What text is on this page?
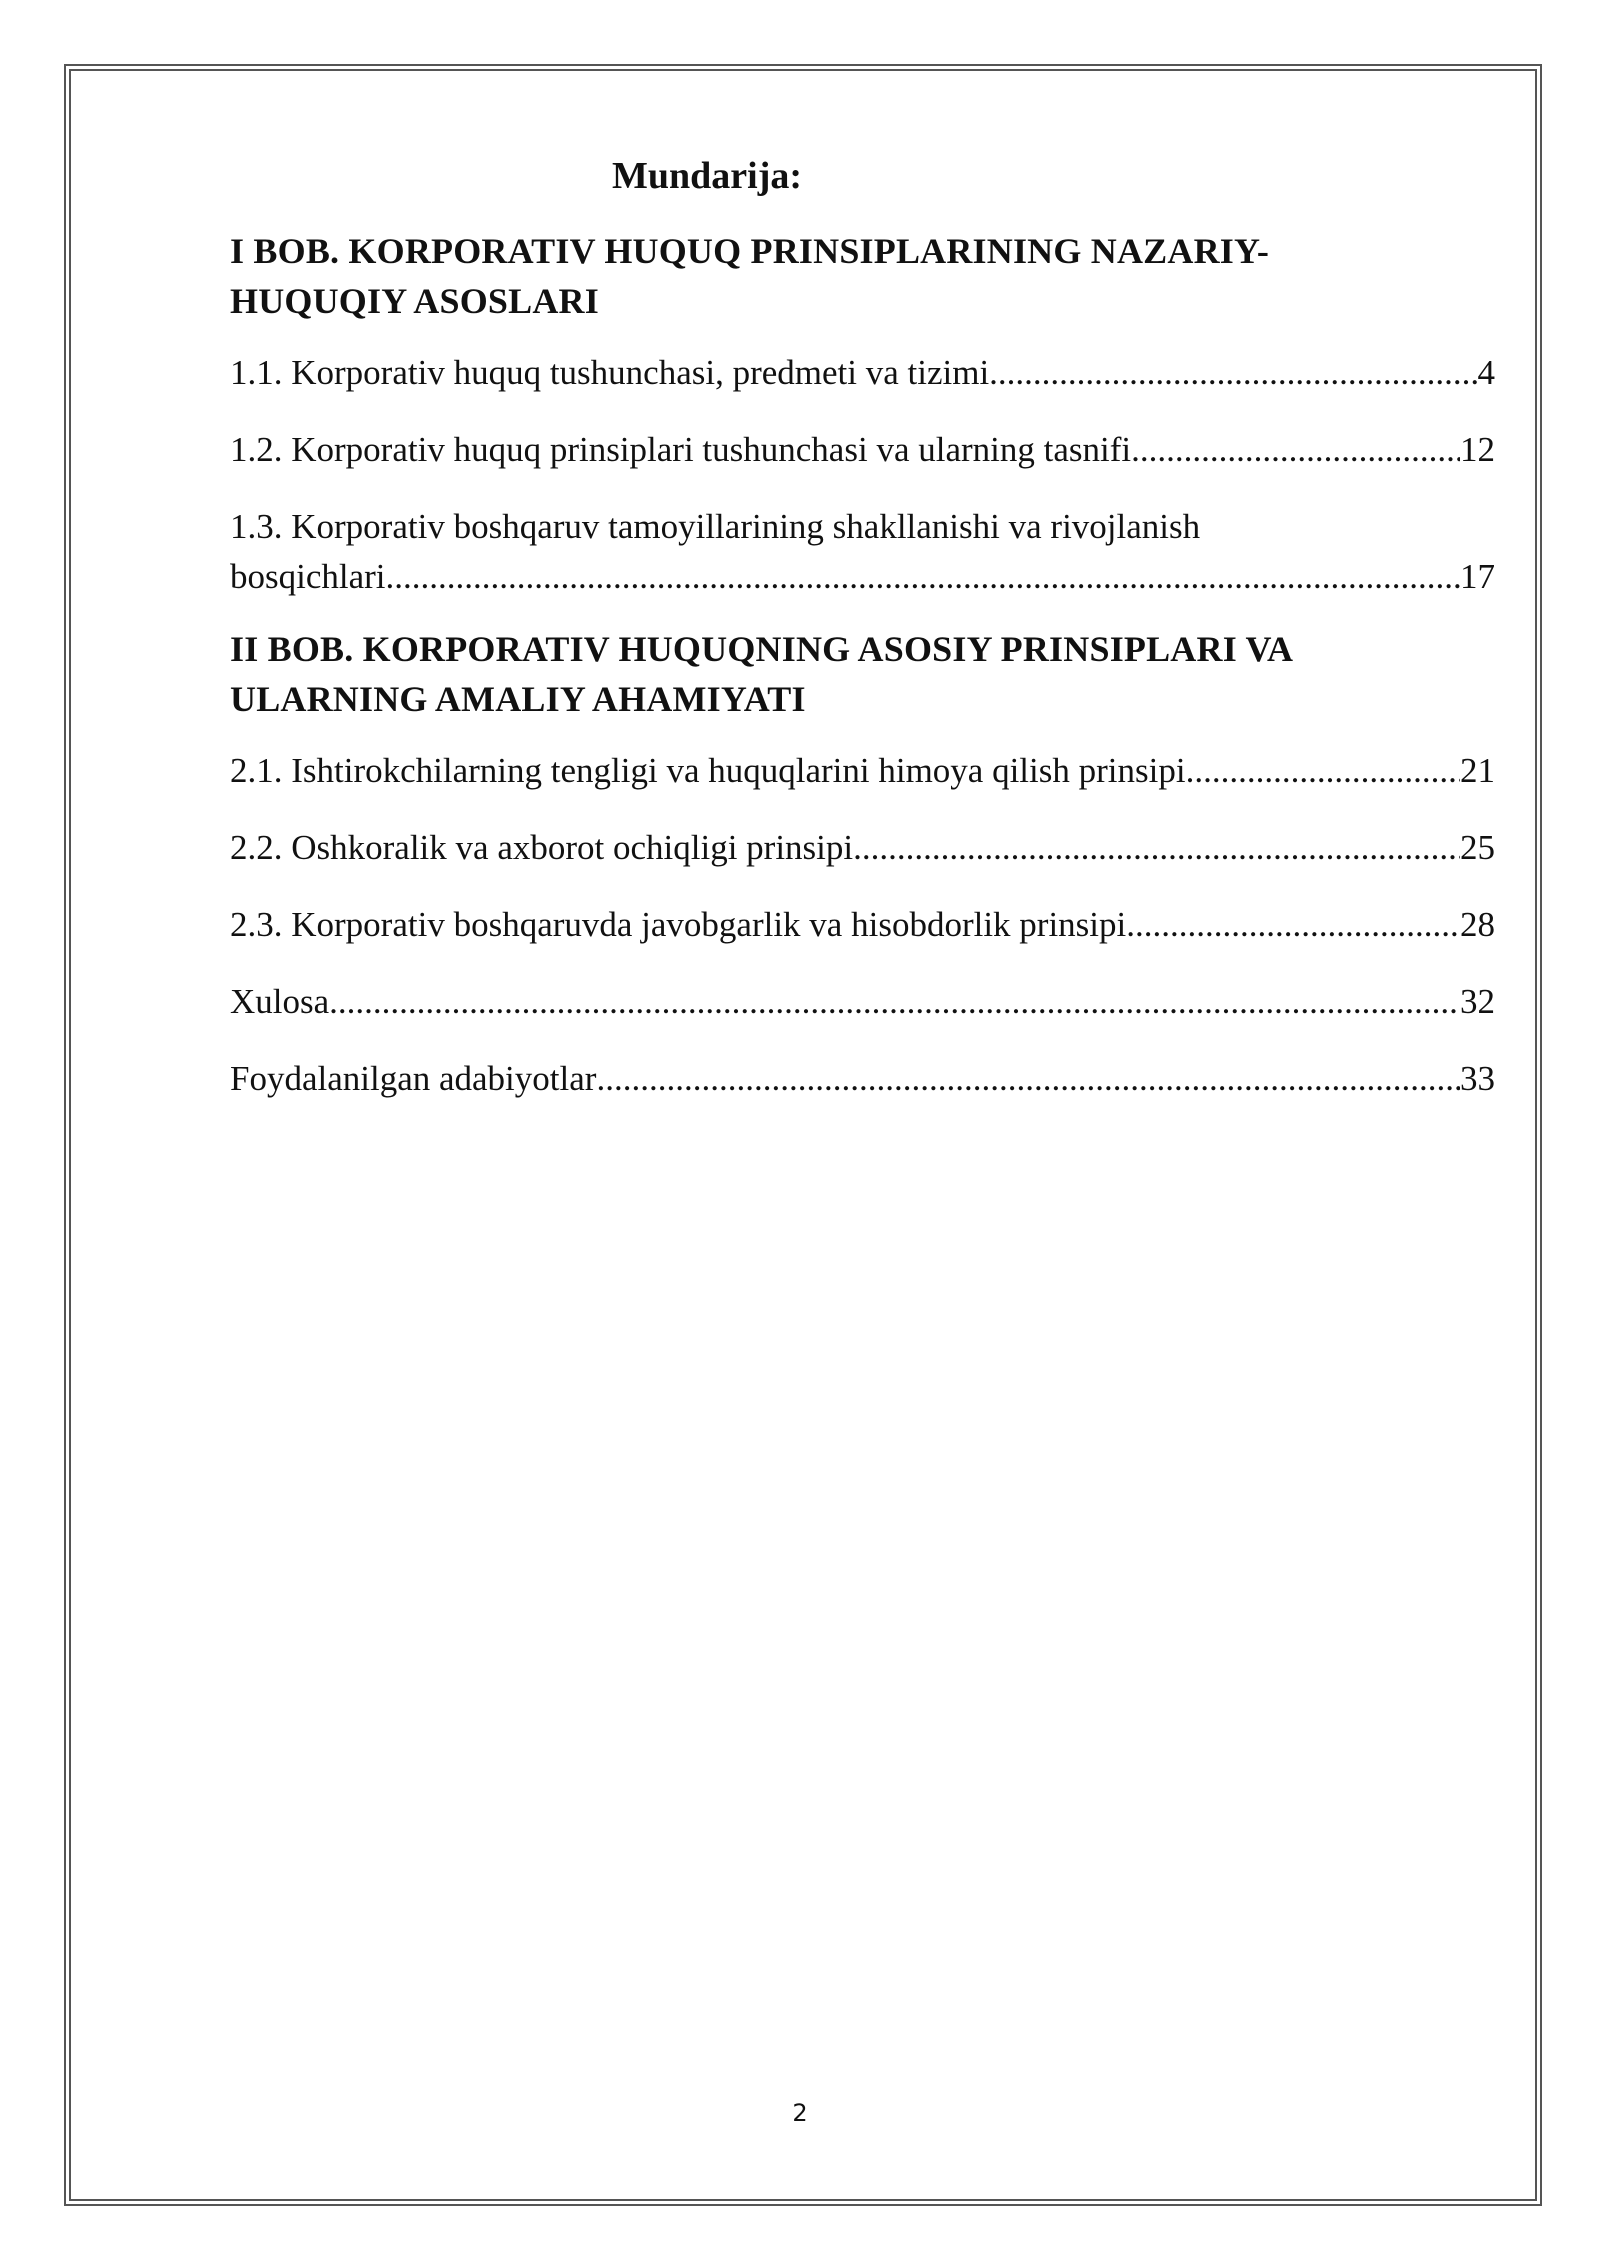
Mundarija:
I BOB. KORPORATIV HUQUQ PRINSIPLARINING NAZARIY-
HUQUQIY ASOSLARI
1.1. Korporativ huquq tushunchasi, predmeti va tizimi .....	4
1.2. Korporativ huquq prinsiplari tushunchasi va ularning tasnifi .....	12
1.3. Korporativ boshqaruv tamoyillarining shakllanishi va rivojlanish
bosqichlari .....	17
II BOB. KORPORATIV HUQUQNING ASOSIY PRINSIPLARI VA
ULARNING AMALIY AHAMIYATI
2.1. Ishtirokchilarning tengligi va huquqlarini himoya qilish prinsipi .....	21
2.2. Oshkoralik va axborot ochiqligi prinsipi .....	25
2.3. Korporativ boshqaruvda javobgarlik va hisobdorlik prinsipi .....	28
Xulosa .....	32
Foydalanilgan adabiyotlar .....	33
2
